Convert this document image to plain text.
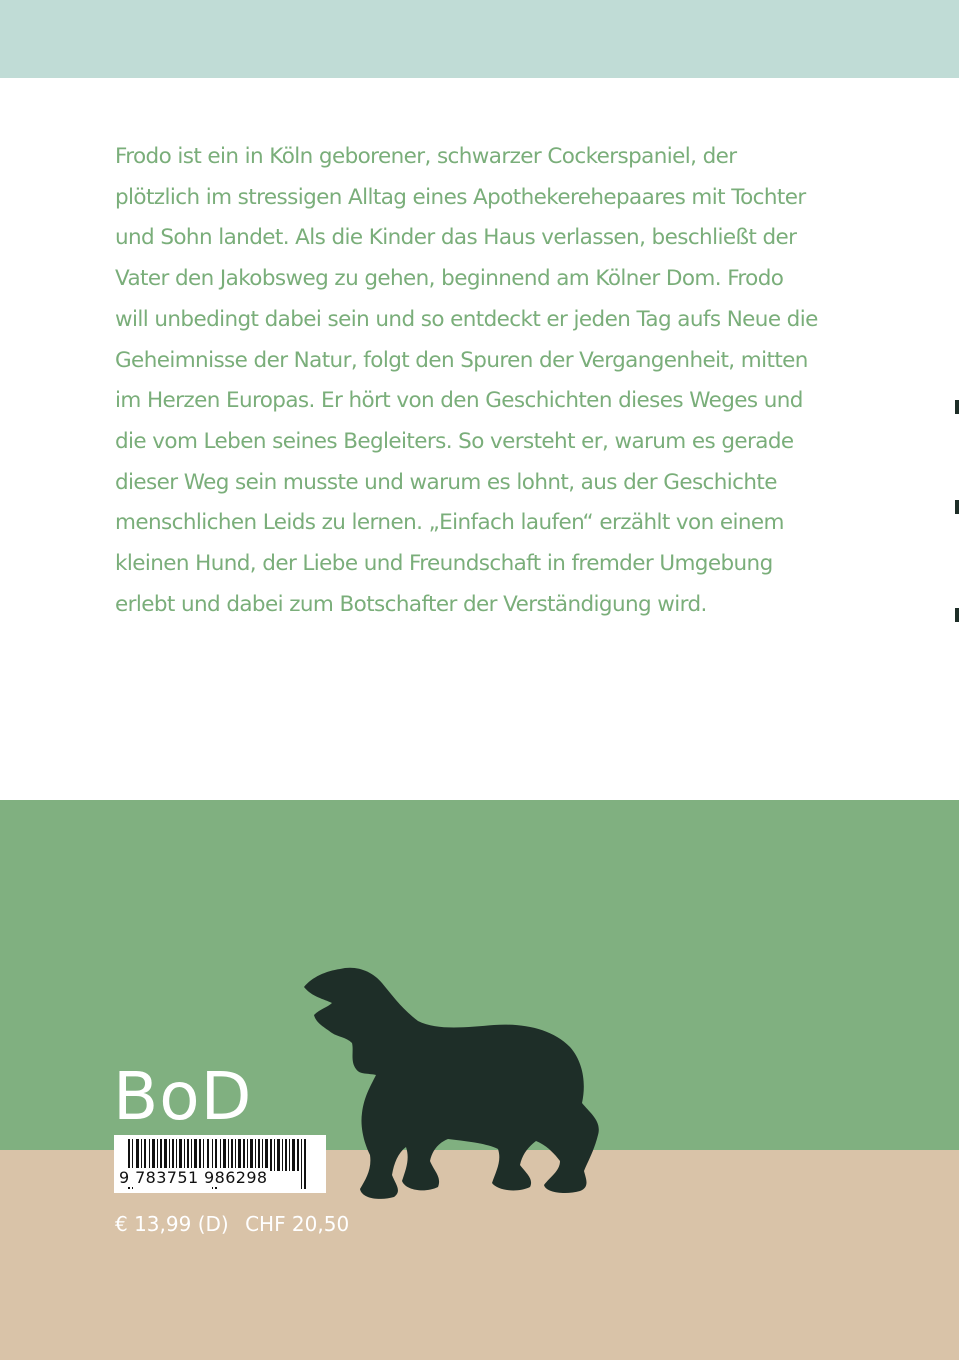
Frodo ist ein in Köln geborener, schwarzer Cockerspaniel, der
plötzlich im stressigen Alltag eines Apothekerehepaares mit Tochter
und Sohn landet. Als die Kinder das Haus verlassen, beschließt der
Vater den Jakobsweg zu gehen, beginnend am Kölner Dom. Frodo
will unbedingt dabei sein und so entdeckt er jeden Tag aufs Neue die
Geheimnisse der Natur, folgt den Spuren der Vergangenheit, mitten
im Herzen Europas. Er hört von den Geschichten dieses Weges und
die vom Leben seines Begleiters. So versteht er, warum es gerade
dieser Weg sein musste und warum es lohnt, aus der Geschichte
menschlichen Leids zu lernen. „Einfach laufen“ erzählt von einem
kleinen Hund, der Liebe und Freundschaft in fremder Umgebung
erlebt und dabei zum Botschafter der Verständigung wird.
BoD
9 783751 986298
€ 13,99 (D) CHF 20,50
